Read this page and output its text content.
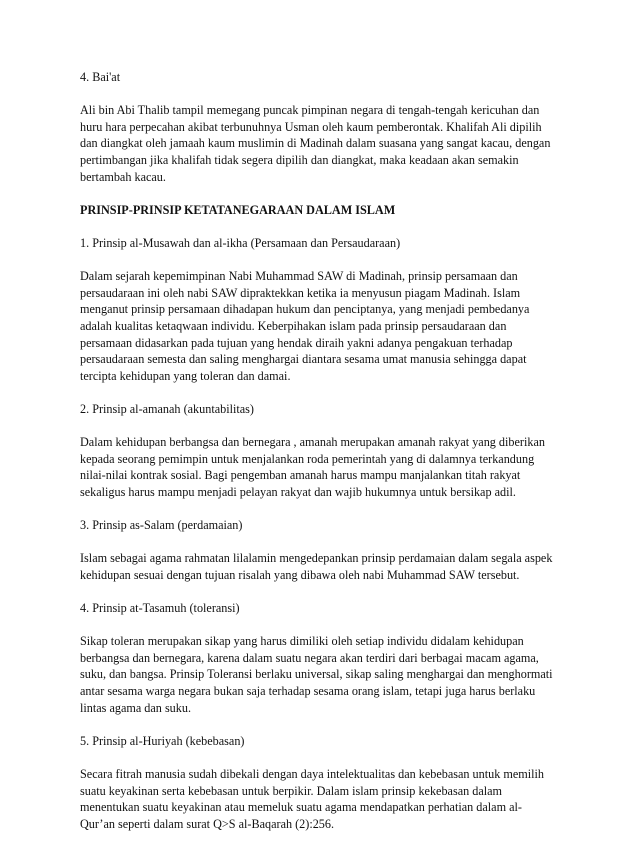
4. Bai'at

Ali bin Abi Thalib tampil memegang puncak pimpinan negara di tengah-tengah kericuhan dan
huru hara perpecahan akibat terbunuhnya Usman oleh kaum pemberontak. Khalifah Ali dipilih
dan diangkat oleh jamaah kaum muslimin di Madinah dalam suasana yang sangat kacau, dengan
pertimbangan jika khalifah tidak segera dipilih dan diangkat, maka keadaan akan semakin
bertambah kacau.

PRINSIP-PRINSIP KETATANEGARAAN DALAM ISLAM

1. Prinsip al-Musawah dan al-ikha (Persamaan dan Persaudaraan)

Dalam sejarah kepemimpinan Nabi Muhammad SAW di Madinah, prinsip persamaan dan
persaudaraan ini oleh nabi SAW dipraktekkan ketika ia menyusun piagam Madinah. Islam
menganut prinsip persamaan dihadapan hukum dan penciptanya, yang menjadi pembedanya
adalah kualitas ketaqwaan individu. Keberpihakan islam pada prinsip persaudaraan dan
persamaan didasarkan pada tujuan yang hendak diraih yakni adanya pengakuan terhadap
persaudaraan semesta dan saling menghargai diantara sesama umat manusia sehingga dapat
tercipta kehidupan yang toleran dan damai.

2. Prinsip al-amanah (akuntabilitas)

Dalam kehidupan berbangsa dan bernegara , amanah merupakan amanah rakyat yang diberikan
kepada seorang pemimpin untuk menjalankan roda pemerintah yang di dalamnya terkandung
nilai-nilai kontrak sosial. Bagi pengemban amanah harus mampu manjalankan titah rakyat
sekaligus harus mampu menjadi pelayan rakyat dan wajib hukumnya untuk bersikap adil.

3. Prinsip as-Salam (perdamaian)

Islam sebagai agama rahmatan lilalamin mengedepankan prinsip perdamaian dalam segala aspek
kehidupan sesuai dengan tujuan risalah yang dibawa oleh nabi Muhammad SAW tersebut.

4. Prinsip at-Tasamuh (toleransi)

Sikap toleran merupakan sikap yang harus dimiliki oleh setiap individu didalam kehidupan
berbangsa dan bernegara, karena dalam suatu negara akan terdiri dari berbagai macam agama,
suku, dan bangsa. Prinsip Toleransi berlaku universal, sikap saling menghargai dan menghormati
antar sesama warga negara bukan saja terhadap sesama orang islam, tetapi juga harus berlaku
lintas agama dan suku.

5. Prinsip al-Huriyah (kebebasan)

Secara fitrah manusia sudah dibekali dengan daya intelektualitas dan kebebasan untuk memilih
suatu keyakinan serta kebebasan untuk berpikir. Dalam islam prinsip kekebasan dalam
menentukan suatu keyakinan atau memeluk suatu agama mendapatkan perhatian dalam al-
Qur’an seperti dalam surat Q>S al-Baqarah (2):256.
